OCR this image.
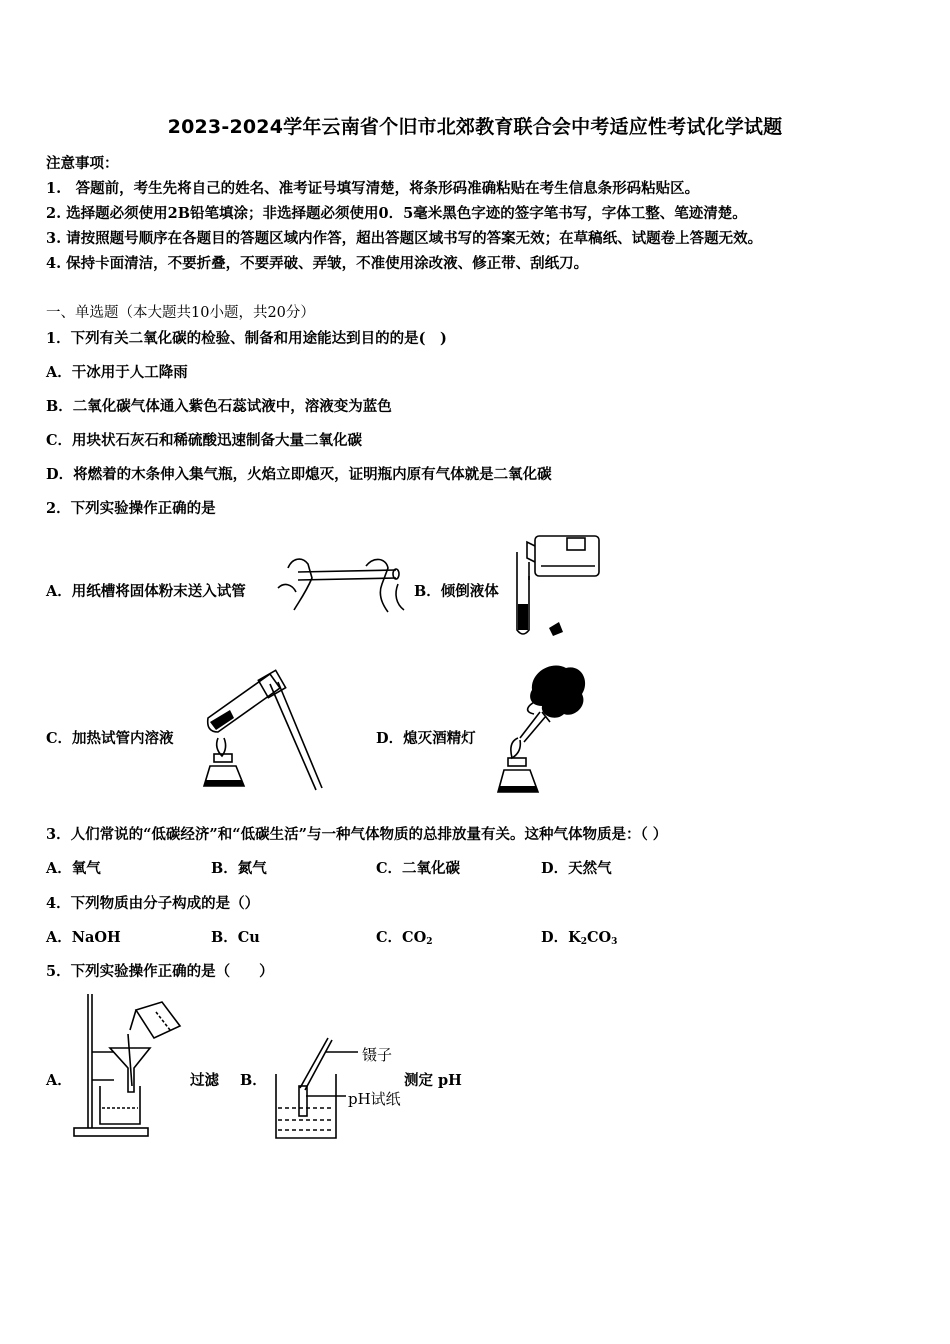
2023-2024学年云南省个旧市北郊教育联合会中考适应性考试化学试题
注意事项：
1.　答题前，考生先将自己的姓名、准考证号填写清楚，将条形码准确粘贴在考生信息条形码粘贴区。
2. 选择题必须使用2B铅笔填涂；非选择题必须使用0．5毫米黑色字迹的签字笔书写，字体工整、笔迹清楚。
3. 请按照题号顺序在各题目的答题区域内作答，超出答题区域书写的答案无效；在草稿纸、试题卷上答题无效。
4. 保持卡面清洁，不要折叠，不要弄破、弄皱，不准使用涂改液、修正带、刮纸刀。
一、单选题（本大题共10小题，共20分）
1．下列有关二氧化碳的检验、制备和用途能达到目的的是(　)
A．干冰用于人工降雨
B．二氧化碳气体通入紫色石蕊试液中，溶液变为蓝色
C．用块状石灰石和稀硫酸迅速制备大量二氧化碳
D．将燃着的木条伸入集气瓶，火焰立即熄灭，证明瓶内原有气体就是二氧化碳
2．下列实验操作正确的是
A．用纸槽将固体粉末送入试管	B．倾倒液体
C．加热试管内溶液	D．熄灭酒精灯
3．人们常说的“低碳经济”和“低碳生活”与一种气体物质的总排放量有关。这种气体物质是：（ ）
A．氧气	B．氮气	C．二氧化碳	D．天然气
4．下列物质由分子构成的是（）
A．NaOH	B．Cu	C．$CO_2$	D．$K_2CO_3$
5．下列实验操作正确的是（　　）
A．	过滤 B．
镊子
pH试纸
测定 pH
